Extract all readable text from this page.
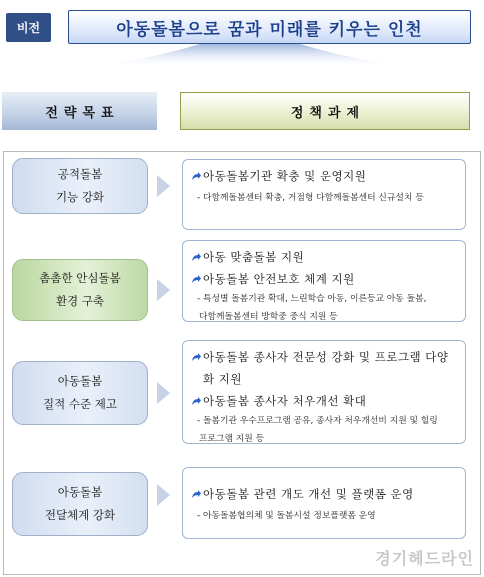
비전	아동돌봄으로 꿈과 미래를 키우는 인천
전략목표	정책과제
공적돌봄
기능 강화
아동돌봄기관 확충 및 운영지원
- 다함께돌봄센터 확충, 거점형 다함께돌봄센터 신규설치 등
촘촘한 안심돌봄
환경 구축
아동 맞춤돌봄 지원
아동돌봄 안전보호 체계 지원
- 특성별 돌봄기관 확대, 느린학습 아동, 이른등교 아동 돌봄,
다함께돌봄센터 방학중 중식 지원 등
아동돌봄
질적 수준 제고
아동돌봄 종사자 전문성 강화 및 프로그램 다양화 지원
아동돌봄 종사자 처우개선 확대
- 돌봄기관 우수프로그램 공유, 종사자 처우개선비 지원 및 힐링
프로그램 지원 등
아동돌봄
전달체계 강화
아동돌봄 관련 개도 개선 및 플랫폼 운영
- 아동돌봄협의체 및 돌봄시설 정보플랫폼 운영
경기헤드라인
